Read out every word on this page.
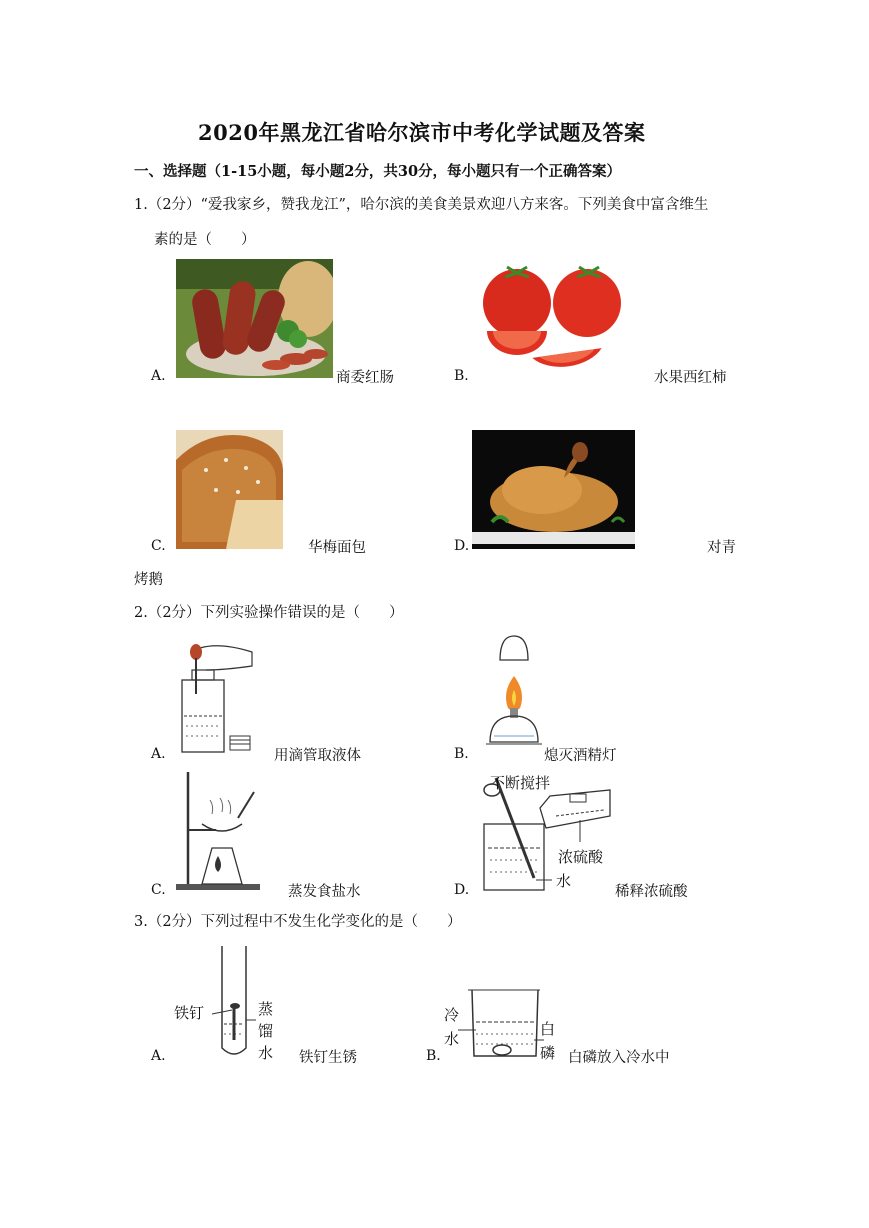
2020年黑龙江省哈尔滨市中考化学试题及答案
一、选择题（1-15小题，每小题2分，共30分，每小题只有一个正确答案）
1.（2分）“爱我家乡，赞我龙江”，哈尔滨的美食美景欢迎八方来客。下列美食中富含维生
素的是（　　）
A.	商委红肠	B.	水果西红柿
C.	华梅面包	D.	对青
烤鹅
2.（2分）下列实验操作错误的是（　　）
A.	用滴管取液体	B.	熄灭酒精灯
C.	蒸发食盐水
不断搅拌
浓硫酸
水
D.	稀释浓硫酸
3.（2分）下列过程中不发生化学变化的是（　　）
铁钉	蒸
馏
水
A.	铁钉生锈
冷
水
白
磷
B.	白磷放入冷水中
